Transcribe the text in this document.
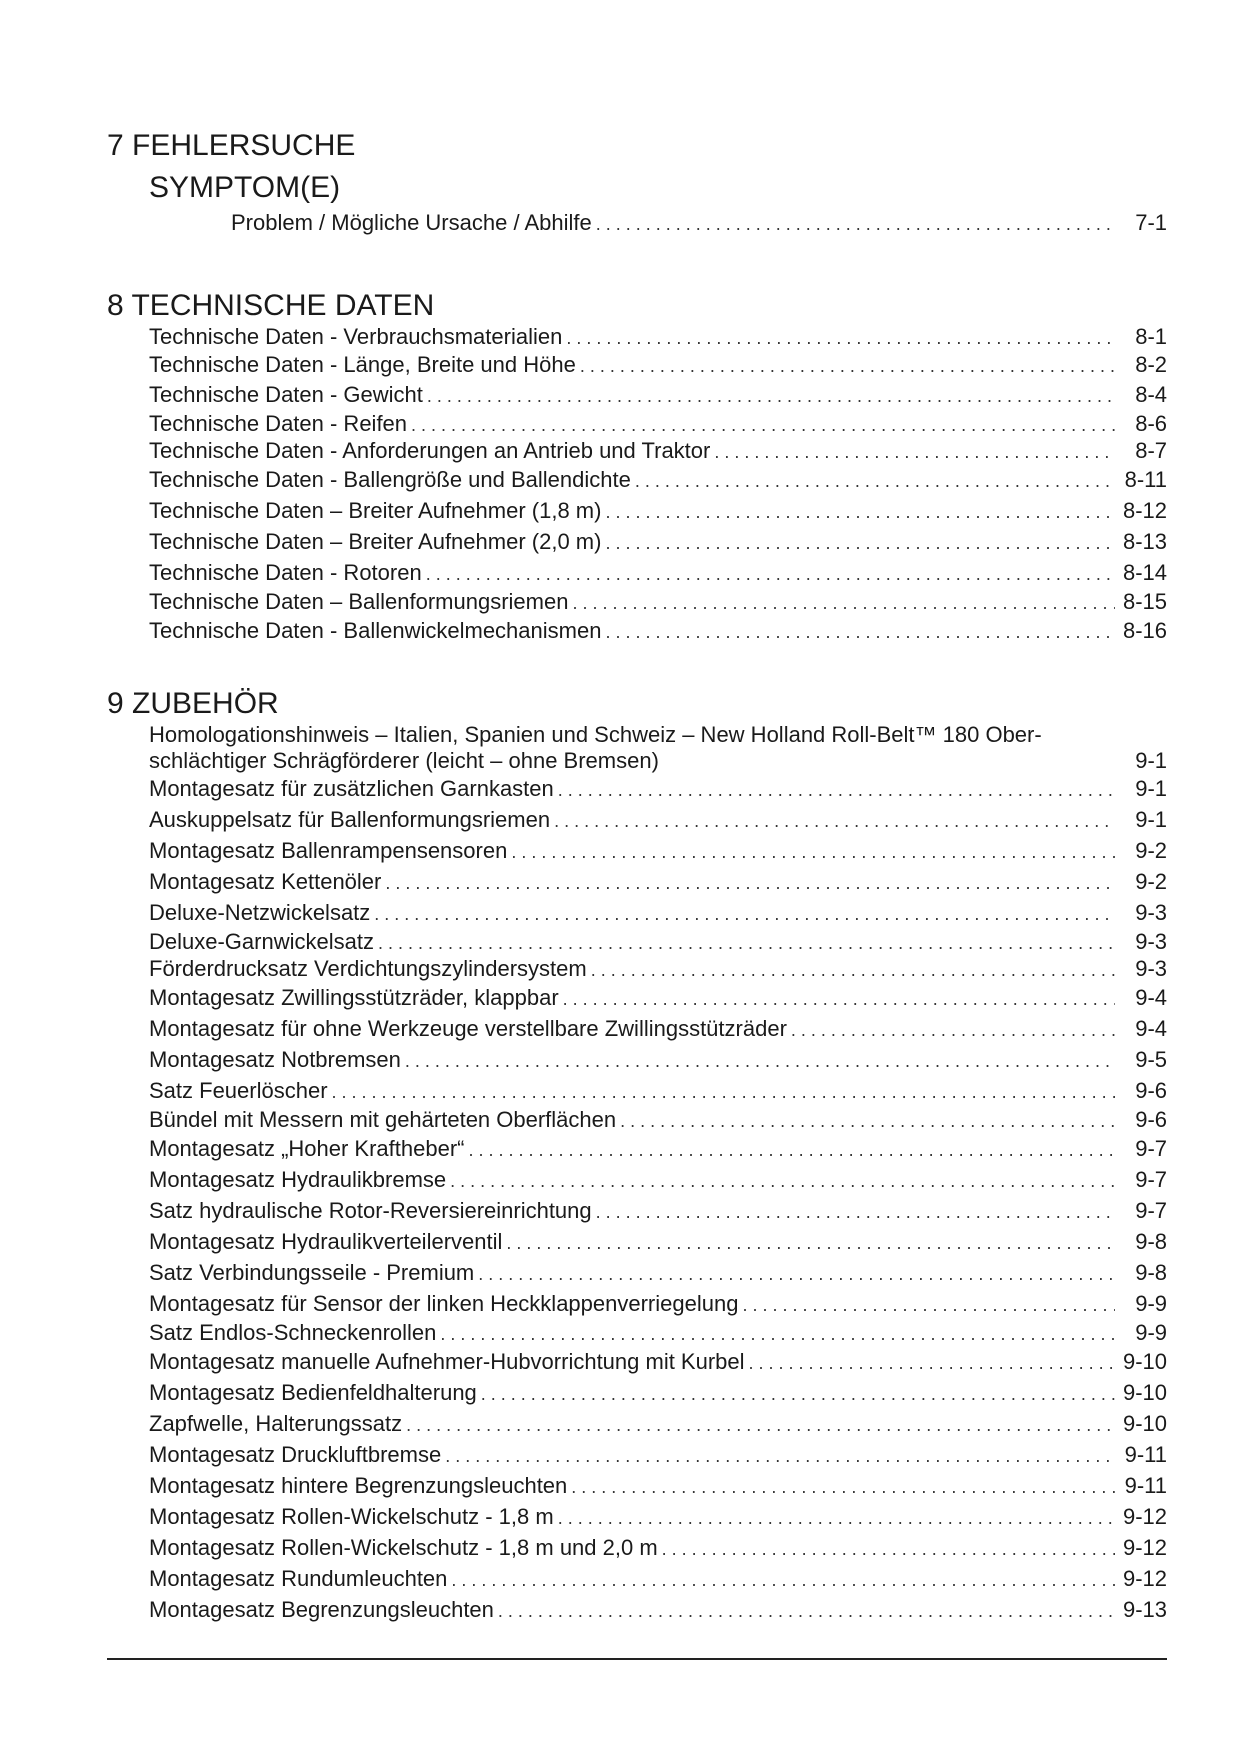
7 FEHLERSUCHE
SYMPTOM(E)
Problem / Mögliche Ursache / Abhilfe . . .	7-1
8 TECHNISCHE DATEN
Technische Daten - Verbrauchsmaterialien . . .	8-1
Technische Daten - Länge, Breite und Höhe . . .	8-2
Technische Daten - Gewicht . . .	8-4
Technische Daten - Reifen . . .	8-6
Technische Daten - Anforderungen an Antrieb und Traktor . . .	8-7
Technische Daten - Ballengröße und Ballendichte . . .	8-11
Technische Daten – Breiter Aufnehmer (1,8 m) . . .	8-12
Technische Daten – Breiter Aufnehmer (2,0 m) . . .	8-13
Technische Daten - Rotoren . . .	8-14
Technische Daten – Ballenformungsriemen . . .	8-15
Technische Daten - Ballenwickelmechanismen . . .	8-16
9 ZUBEHÖR
Homologationshinweis – Italien, Spanien und Schweiz – New Holland Roll-Belt™ 180 Ober-
schlächtiger Schrägförderer (leicht – ohne Bremsen)	9-1
Montagesatz für zusätzlichen Garnkasten . . .	9-1
Auskuppelsatz für Ballenformungsriemen . . .	9-1
Montagesatz Ballenrampensensoren . . .	9-2
Montagesatz Kettenöler . . .	9-2
Deluxe-Netzwickelsatz . . .	9-3
Deluxe-Garnwickelsatz . . .	9-3
Förderdrucksatz Verdichtungszylindersystem . . .	9-3
Montagesatz Zwillingsstützräder, klappbar . . .	9-4
Montagesatz für ohne Werkzeuge verstellbare Zwillingsstützräder . . .	9-4
Montagesatz Notbremsen . . .	9-5
Satz Feuerlöscher . . .	9-6
Bündel mit Messern mit gehärteten Oberflächen . . .	9-6
Montagesatz „Hoher Kraftheber“ . . .	9-7
Montagesatz Hydraulikbremse . . .	9-7
Satz hydraulische Rotor-Reversiereinrichtung . . .	9-7
Montagesatz Hydraulikverteilerventil . . .	9-8
Satz Verbindungsseile - Premium . . .	9-8
Montagesatz für Sensor der linken Heckklappenverriegelung . . .	9-9
Satz Endlos-Schneckenrollen . . .	9-9
Montagesatz manuelle Aufnehmer-Hubvorrichtung mit Kurbel . . .	9-10
Montagesatz Bedienfeldhalterung . . .	9-10
Zapfwelle, Halterungssatz . . .	9-10
Montagesatz Druckluftbremse . . .	9-11
Montagesatz hintere Begrenzungsleuchten . . .	9-11
Montagesatz Rollen-Wickelschutz - 1,8 m . . .	9-12
Montagesatz Rollen-Wickelschutz - 1,8 m und 2,0 m . . .	9-12
Montagesatz Rundumleuchten . . .	9-12
Montagesatz Begrenzungsleuchten . . .	9-13
